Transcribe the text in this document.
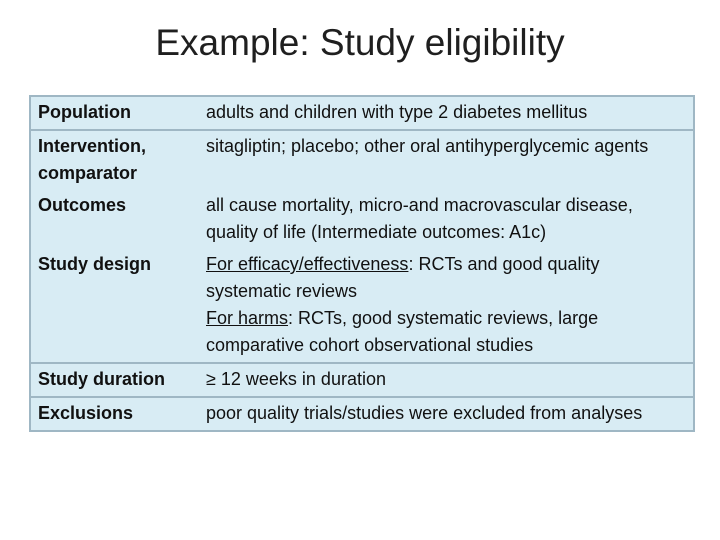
Example: Study eligibility
Population	adults and children with type 2 diabetes mellitus
Intervention, comparator	sitagliptin; placebo; other oral antihyperglycemic agents
Outcomes	all cause mortality, micro-and macrovascular disease, quality of life (Intermediate outcomes: A1c)
Study design	For efficacy/effectiveness: RCTs and good quality systematic reviews
For harms: RCTs, good systematic reviews, large comparative cohort observational studies
Study duration	≥ 12 weeks in duration
Exclusions	poor quality trials/studies were excluded from analyses
